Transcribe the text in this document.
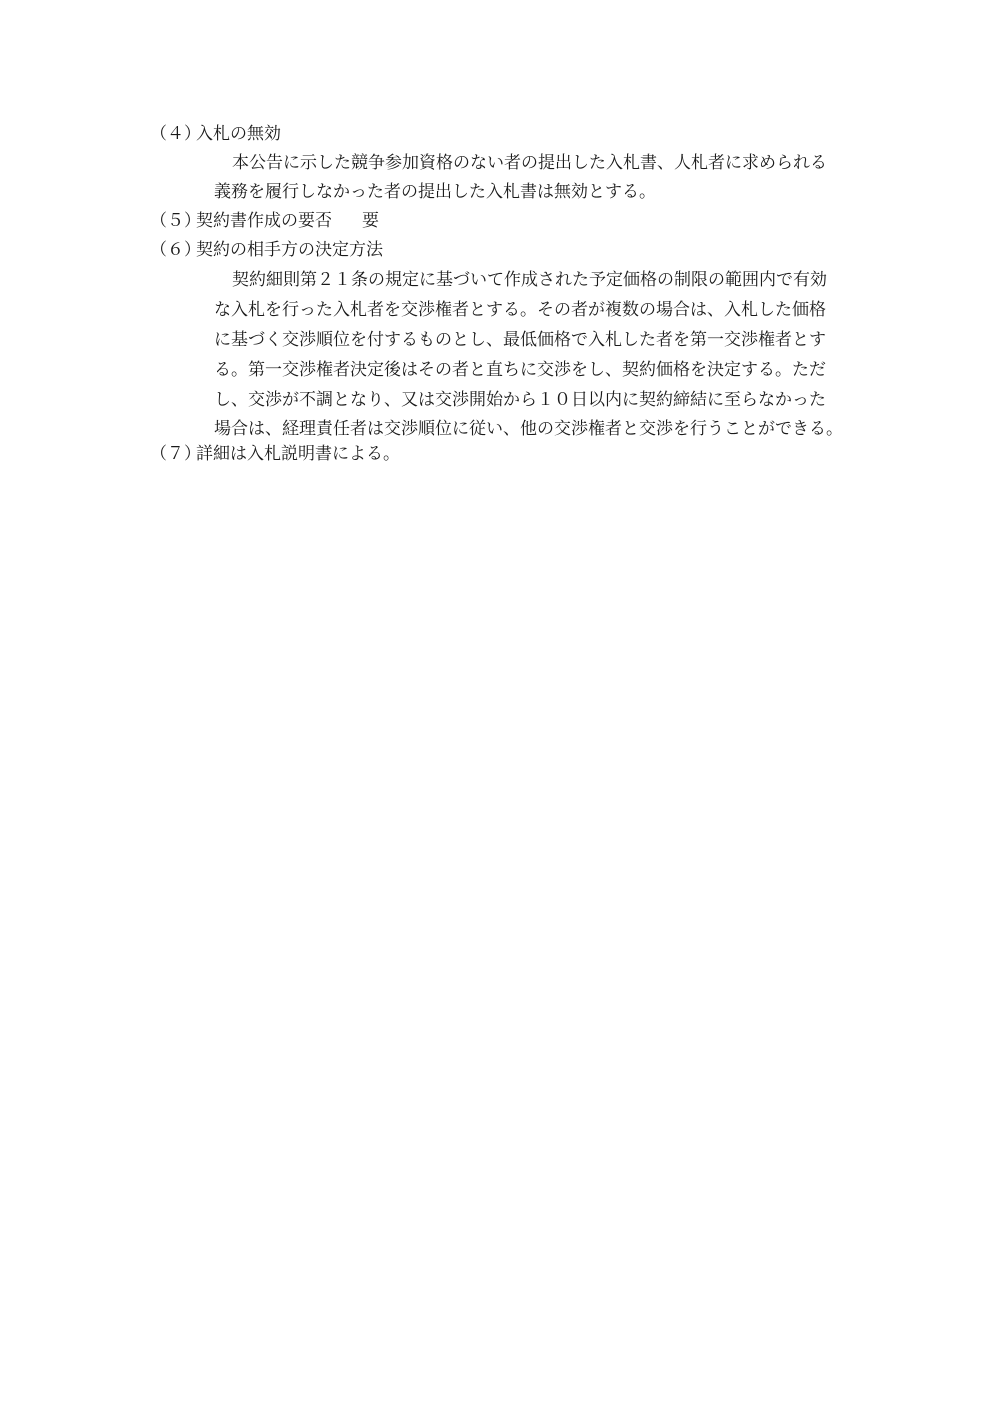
（４）入札の無効
本公告に示した競争参加資格のない者の提出した入札書、人札者に求められる
義務を履行しなかった者の提出した入札書は無効とする。
（５）契約書作成の要否 要
（６）契約の相手方の決定方法
契約細則第２１条の規定に基づいて作成された予定価格の制限の範囲内で有効
な入札を行った入札者を交渉権者とする。その者が複数の場合は、入札した価格
に基づく交渉順位を付するものとし、最低価格で入札した者を第一交渉権者とす
る。第一交渉権者決定後はその者と直ちに交渉をし、契約価格を決定する。ただ
し、交渉が不調となり、又は交渉開始から１０日以内に契約締結に至らなかった
場合は、経理責任者は交渉順位に従い、他の交渉権者と交渉を行うことができる。
（７）詳細は入札説明書による。
